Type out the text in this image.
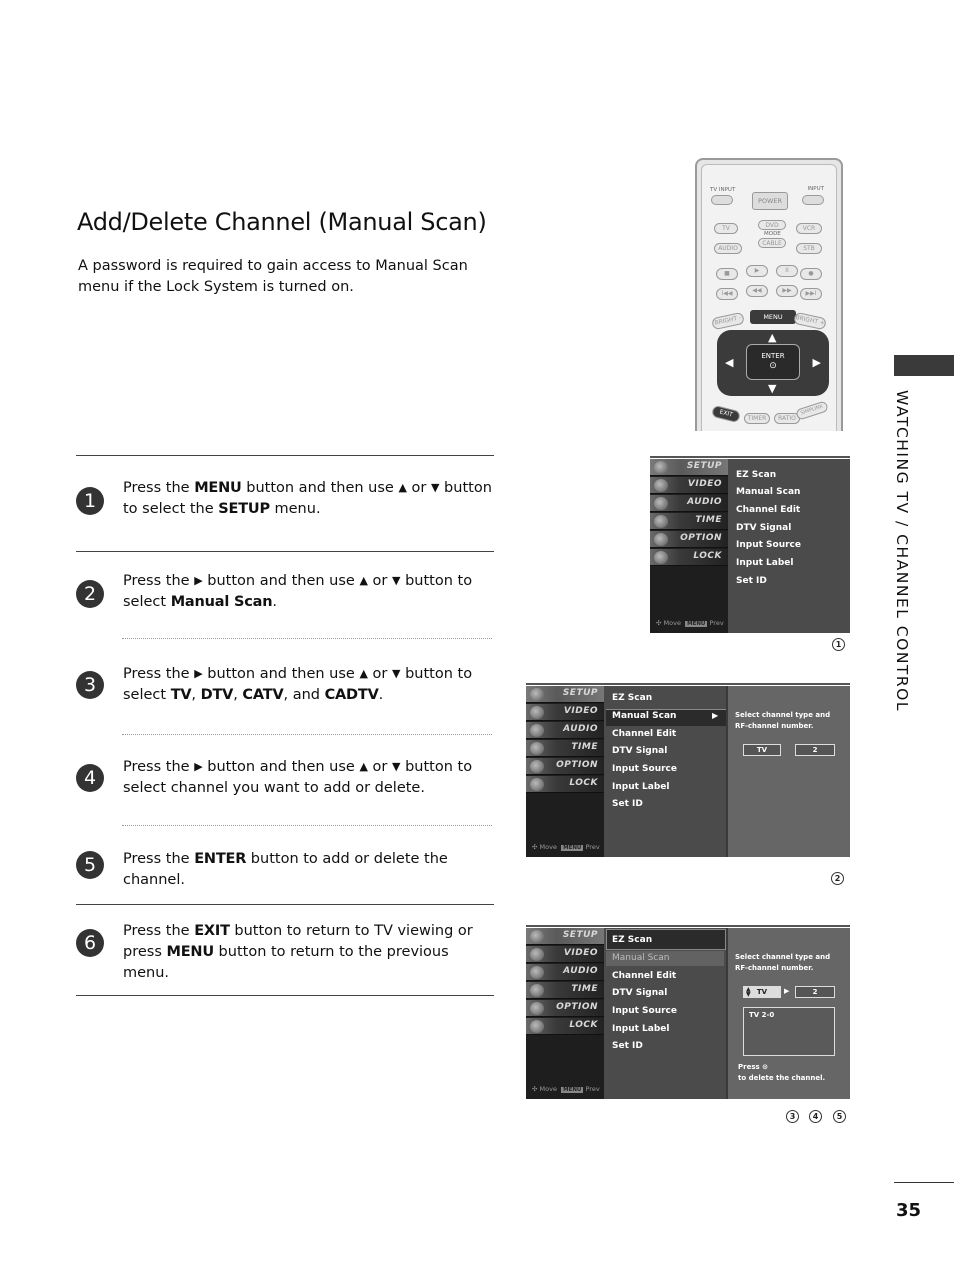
Add/Delete Channel (Manual Scan)

A password is required to gain access to Manual Scan menu if the Lock System is turned on.

WATCHING TV / CHANNEL CONTROL
35
TV INPUT	INPUT
POWER
TV	DVD
MODE
VCR
AUDIO
CABLE
STB
■	▶	II	●
I◀◀	◀◀	▶▶	▶▶I
BRIGHT -	MENU	BRIGHT +
▲
▼
◀	▶
ENTER
⊙
EXIT	TIMER	RATIO
SIMPLINK
1

Press the MENU button and then use ▲ or ▼ button to select the SETUP menu.

2

Press the ▶ button and then use ▲ or ▼ button to select Manual Scan.

3	Press the ▶ button and then use ▲ or ▼ button to select TV, DTV, CATV, and CADTV.

4	Press the ▶ button and then use ▲ or ▼ button to select channel you want to add or delete.

5	Press the ENTER button to add or delete the channel.

6

Press the EXIT button to return to TV viewing or press MENU button to return to the previous menu.

SETUP
VIDEO
AUDIO
TIME
OPTION
LOCK
✣ Move MENU Prev
EZ Scan
Manual Scan
Channel Edit
DTV Signal
Input Source
Input Label
Set ID
1
SETUP
VIDEO
AUDIO
TIME
OPTION
LOCK
✣ Move MENU Prev
EZ Scan
Manual Scan	▶
Channel Edit
DTV Signal
Input Source
Input Label
Set ID
Select channel type and
RF-channel number.
TV	2
2
SETUP
VIDEO
AUDIO
TIME
OPTION
LOCK
✣ Move MENU Prev
EZ Scan
Manual Scan
Channel Edit
DTV Signal
Input Source
Input Label
Set ID
Select channel type and
RF-channel number.
▲
▼ TV	▶	2
TV 2-0
Press ⊙
to delete the channel.
3	4	5
